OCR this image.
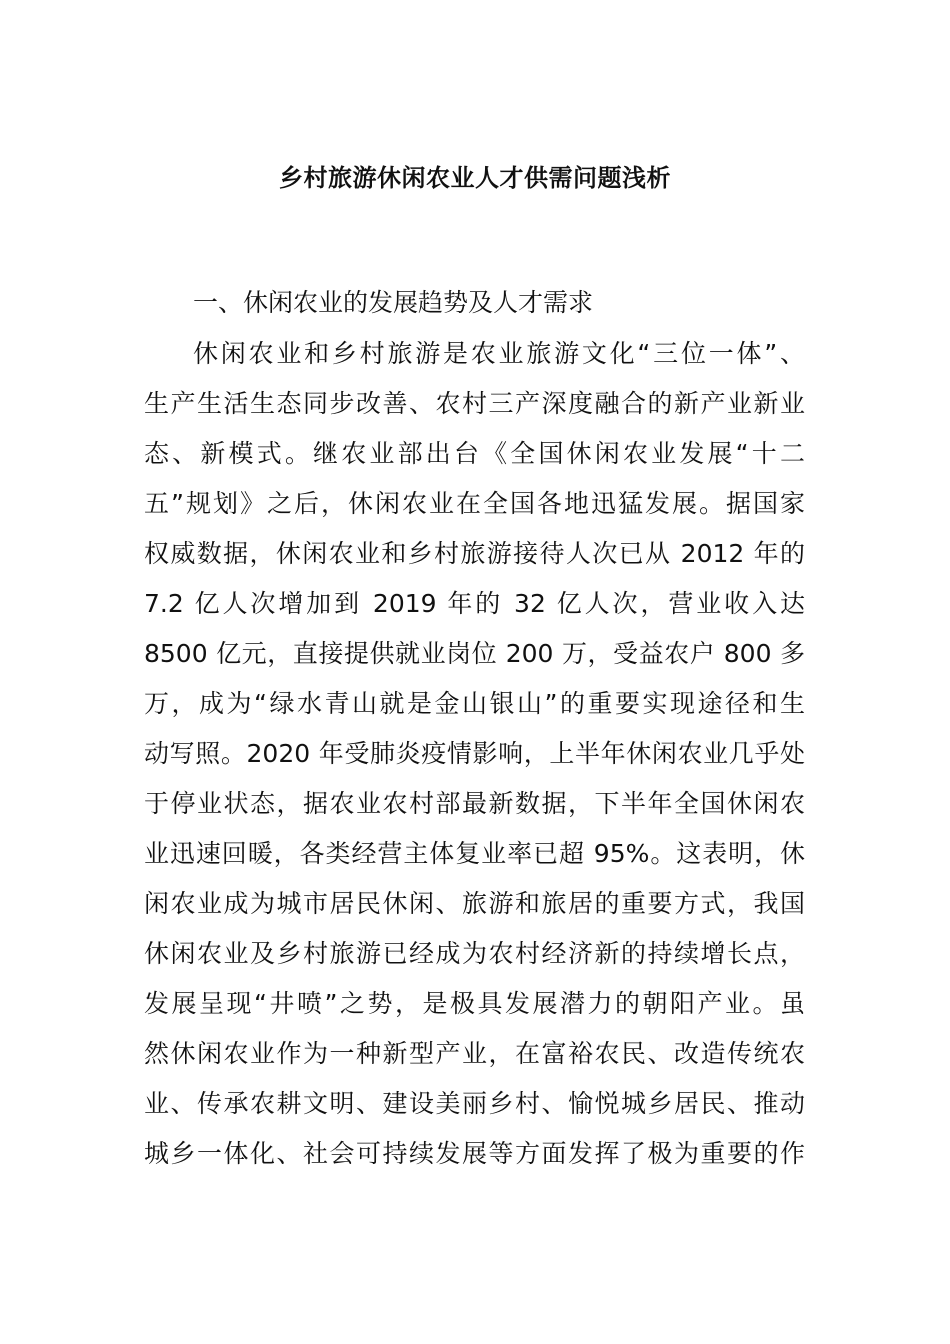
乡村旅游休闲农业人才供需问题浅析
一、休闲农业的发展趋势及人才需求
休闲农业和乡村旅游是农业旅游文化“三位一体”、
生产生活生态同步改善、农村三产深度融合的新产业新业
态、新模式。继农业部出台《全国休闲农业发展“十二
五”规划》之后，休闲农业在全国各地迅猛发展。据国家
权威数据，休闲农业和乡村旅游接待人次已从 2012 年的
7.2 亿人次增加到 2019 年的 32 亿人次，营业收入达
8500 亿元，直接提供就业岗位 200 万，受益农户 800 多
万，成为“绿水青山就是金山银山”的重要实现途径和生
动写照。2020 年受肺炎疫情影响，上半年休闲农业几乎处
于停业状态，据农业农村部最新数据，下半年全国休闲农
业迅速回暖，各类经营主体复业率已超 95%。这表明，休
闲农业成为城市居民休闲、旅游和旅居的重要方式，我国
休闲农业及乡村旅游已经成为农村经济新的持续增长点，
发展呈现“井喷”之势，是极具发展潜力的朝阳产业。虽
然休闲农业作为一种新型产业，在富裕农民、改造传统农
业、传承农耕文明、建设美丽乡村、愉悦城乡居民、推动
城乡一体化、社会可持续发展等方面发挥了极为重要的作
